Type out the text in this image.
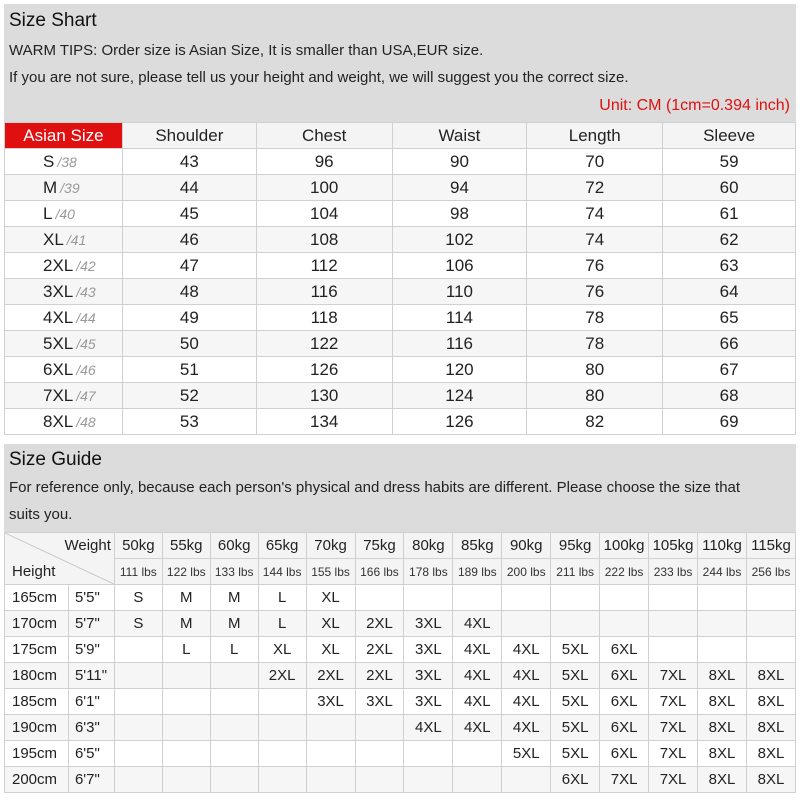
Size Shart
WARM TIPS: Order size is Asian Size, It is smaller than USA,EUR size.
If you are not sure, please tell us your height and weight, we will suggest you the correct size.
Unit: CM (1cm=0.394 inch)
Asian Size	Shoulder	Chest	Waist	Length	Sleeve
S /38	43	96	90	70	59
M /39	44	100	94	72	60
L /40	45	104	98	74	61
XL /41	46	108	102	74	62
2XL /42	47	112	106	76	63
3XL /43	48	116	110	76	64
4XL /44	49	118	114	78	65
5XL /45	50	122	116	78	66
6XL /46	51	126	120	80	67
7XL /47	52	130	124	80	68
8XL /48	53	134	126	82	69
Size Guide
For reference only, because each person's physical and dress habits are different. Please choose the size that
suits you.
Weight
Height		50kg	55kg	60kg	65kg	70kg	75kg	80kg	85kg	90kg	95kg	100kg	105kg	110kg	115kg
		111 lbs	122 lbs	133 lbs	144 lbs	155 lbs	166 lbs	178 lbs	189 lbs	200 lbs	211 lbs	222 lbs	233 lbs	244 lbs	256 lbs
165cm	5'5"	S	M	M	L	XL									
170cm	5'7"	S	M	M	L	XL	2XL	3XL	4XL						
175cm	5'9"		L	L	XL	XL	2XL	3XL	4XL	4XL	5XL	6XL			
180cm	5'11"				2XL	2XL	2XL	3XL	4XL	4XL	5XL	6XL	7XL	8XL	8XL
185cm	6'1"					3XL	3XL	3XL	4XL	4XL	5XL	6XL	7XL	8XL	8XL
190cm	6'3"							4XL	4XL	4XL	5XL	6XL	7XL	8XL	8XL
195cm	6'5"									5XL	5XL	6XL	7XL	8XL	8XL
200cm	6'7"										6XL	7XL	7XL	8XL	8XL
